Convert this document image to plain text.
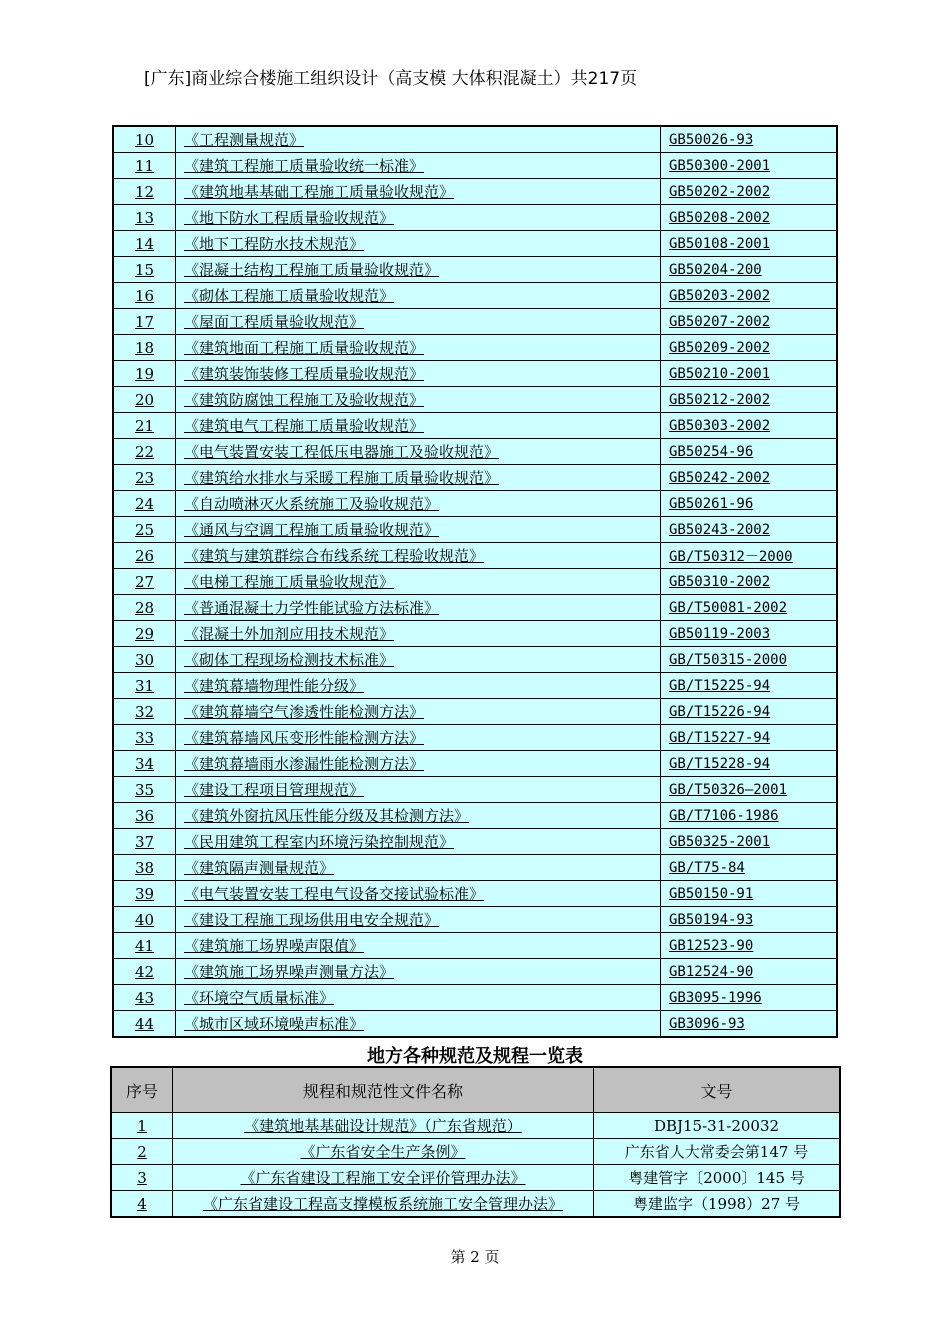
[广东]商业综合楼施工组织设计（高支模 大体积混凝土）共217页
10	《工程测量规范》	GB50026-93
11	《建筑工程施工质量验收统一标准》	GB50300-2001
12	《建筑地基基础工程施工质量验收规范》	GB50202-2002
13	《地下防水工程质量验收规范》	GB50208-2002
14	《地下工程防水技术规范》	GB50108-2001
15	《混凝土结构工程施工质量验收规范》	GB50204-200
16	《砌体工程施工质量验收规范》	GB50203-2002
17	《屋面工程质量验收规范》	GB50207-2002
18	《建筑地面工程施工质量验收规范》	GB50209-2002
19	《建筑装饰装修工程质量验收规范》	GB50210-2001
20	《建筑防腐蚀工程施工及验收规范》	GB50212-2002
21	《建筑电气工程施工质量验收规范》	GB50303-2002
22	《电气装置安装工程低压电器施工及验收规范》	GB50254-96
23	《建筑给水排水与采暖工程施工质量验收规范》	GB50242-2002
24	《自动喷淋灭火系统施工及验收规范》	GB50261-96
25	《通风与空调工程施工质量验收规范》	GB50243-2002
26	《建筑与建筑群综合布线系统工程验收规范》	GB/T50312－2000
27	《电梯工程施工质量验收规范》	GB50310-2002
28	《普通混凝土力学性能试验方法标准》	GB/T50081-2002
29	《混凝土外加剂应用技术规范》	GB50119-2003
30	《砌体工程现场检测技术标准》	GB/T50315-2000
31	《建筑幕墙物理性能分级》	GB/T15225-94
32	《建筑幕墙空气渗透性能检测方法》	GB/T15226-94
33	《建筑幕墙风压变形性能检测方法》	GB/T15227-94
34	《建筑幕墙雨水渗漏性能检测方法》	GB/T15228-94
35	《建设工程项目管理规范》	GB/T50326—2001
36	《建筑外窗抗风压性能分级及其检测方法》	GB/T7106-1986
37	《民用建筑工程室内环境污染控制规范》	GB50325-2001
38	《建筑隔声测量规范》	GB/T75-84
39	《电气装置安装工程电气设备交接试验标准》	GB50150-91
40	《建设工程施工现场供用电安全规范》	GB50194-93
41	《建筑施工场界噪声限值》	GB12523-90
42	《建筑施工场界噪声测量方法》	GB12524-90
43	《环境空气质量标准》	GB3095-1996
44	《城市区域环境噪声标准》	GB3096-93
地方各种规范及规程一览表
序号	规程和规范性文件名称	文号
1	《建筑地基基础设计规范》（广东省规范）	DBJ15-31-20032
2	《广东省安全生产条例》	广东省人大常委会第147 号
3	《广东省建设工程施工安全评价管理办法》	粤建管字〔2000〕145 号
4	《广东省建设工程高支撑模板系统施工安全管理办法》	粤建监字（1998）27 号
第 2 页
